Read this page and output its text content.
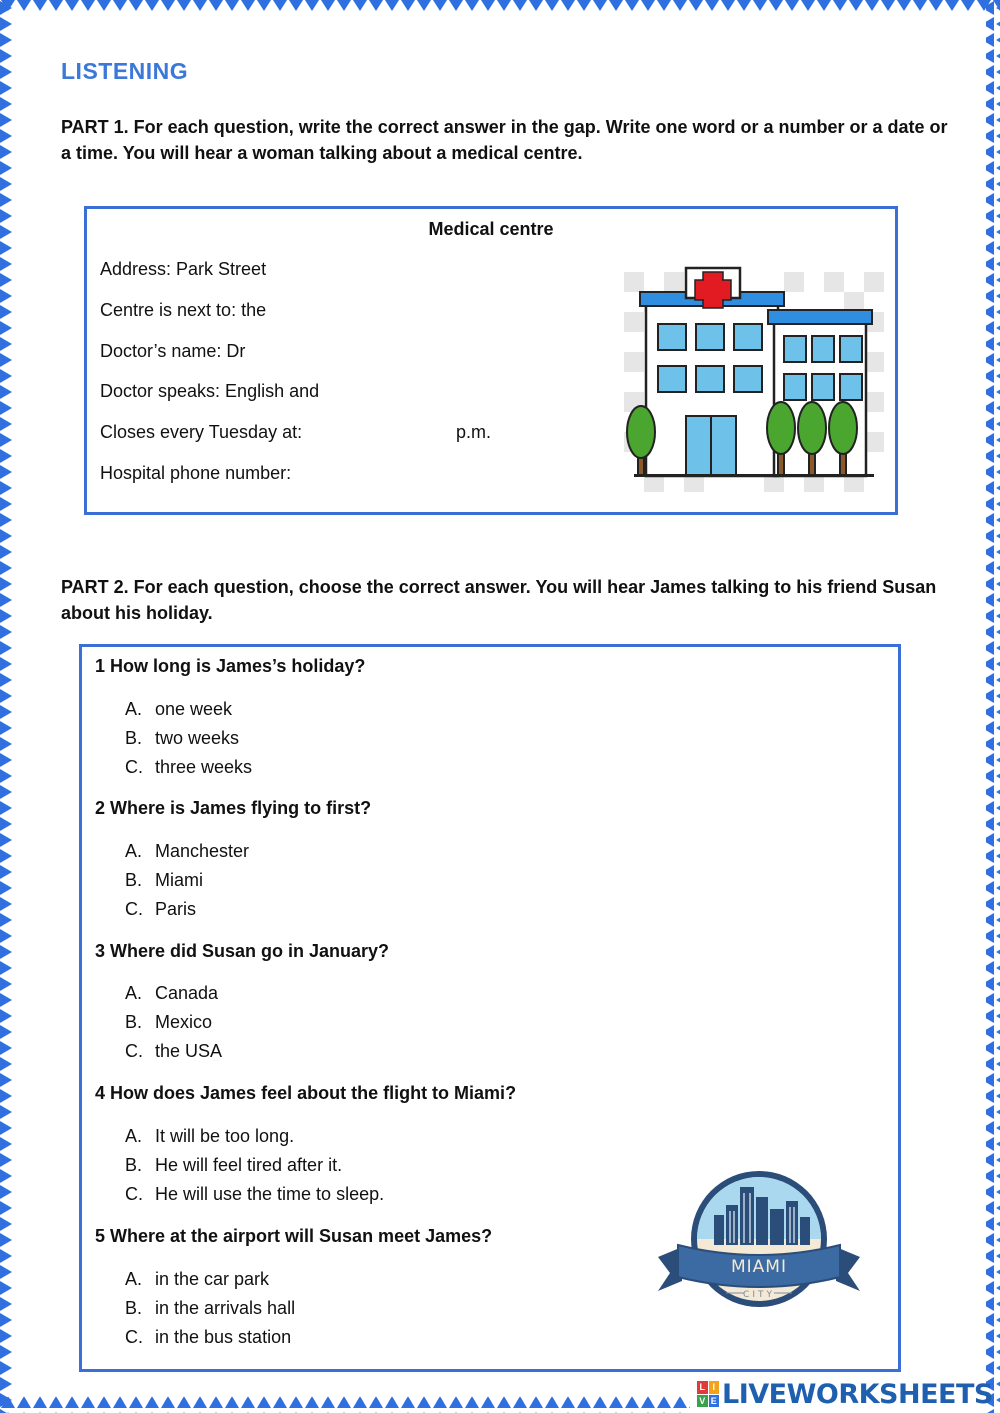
LISTENING

PART 1. For each question, write the correct answer in the gap. Write one word or a number or a date or a time. You will hear a woman talking about a medical centre.

Medical centre
Address: Park Street
Centre is next to: the
Doctor’s name: Dr
Doctor speaks: English and
Closes every Tuesday at:	p.m.
Hospital phone number:

PART 2. For each question, choose the correct answer. You will hear James talking to his friend Susan about his holiday.

1 How long is James’s holiday?
A. one week
B. two weeks
C. three weeks
2 Where is James flying to first?
A. Manchester
B. Miami
C. Paris
3 Where did Susan go in January?
A. Canada
B. Mexico
C. the USA
4 How does James feel about the flight to Miami?
A. It will be too long.
B. He will feel tired after it.
C. He will use the time to sleep.
5 Where at the airport will Susan meet James?
A. in the car park
B. in the arrivals hall
C. in the bus station
MIAMI
CITY
L I
V E LIVEWORKSHEETS
